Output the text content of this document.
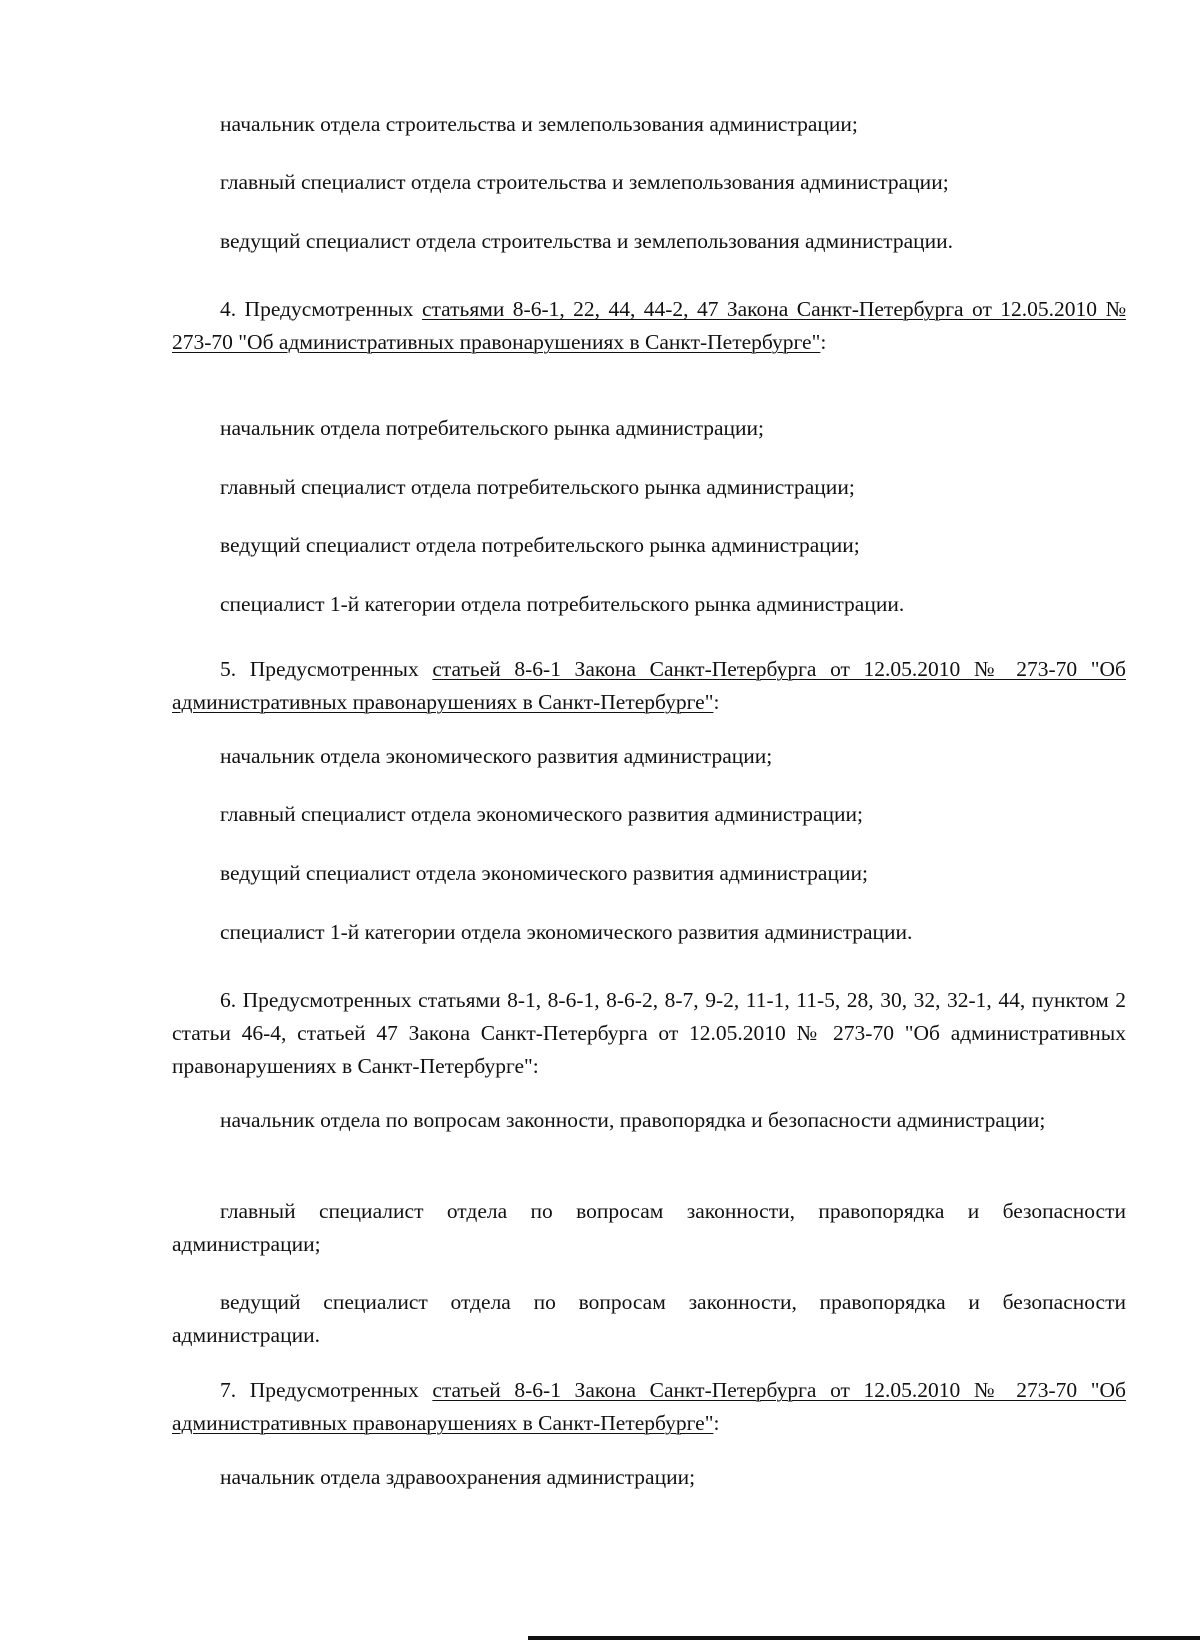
начальник отдела строительства и землепользования администрации;

главный специалист отдела строительства и землепользования администрации;

ведущий специалист отдела строительства и землепользования администрации.

4. Предусмотренных статьями 8-6-1, 22, 44, 44-2, 47 Закона Санкт-Петербурга от 12.05.2010 № 273-70 "Об административных правонарушениях в Санкт-Петербурге":

начальник отдела потребительского рынка администрации;

главный специалист отдела потребительского рынка администрации;

ведущий специалист отдела потребительского рынка администрации;

специалист 1-й категории отдела потребительского рынка администрации.

5. Предусмотренных статьей 8-6-1 Закона Санкт-Петербурга от 12.05.2010 № 273-70 "Об административных правонарушениях в Санкт-Петербурге":

начальник отдела экономического развития администрации;

главный специалист отдела экономического развития администрации;

ведущий специалист отдела экономического развития администрации;

специалист 1-й категории отдела экономического развития администрации.

6. Предусмотренных статьями 8-1, 8-6-1, 8-6-2, 8-7, 9-2, 11-1, 11-5, 28, 30, 32, 32-1, 44, пунктом 2 статьи 46-4, статьей 47 Закона Санкт-Петербурга от 12.05.2010 № 273-70 "Об административных правонарушениях в Санкт-Петербурге":

начальник отдела по вопросам законности, правопорядка и безопасности администрации;

главный специалист отдела по вопросам законности, правопорядка и безопасности администрации;

ведущий специалист отдела по вопросам законности, правопорядка и безопасности администрации.

7. Предусмотренных статьей 8-6-1 Закона Санкт-Петербурга от 12.05.2010 № 273-70 "Об административных правонарушениях в Санкт-Петербурге":

начальник отдела здравоохранения администрации;
